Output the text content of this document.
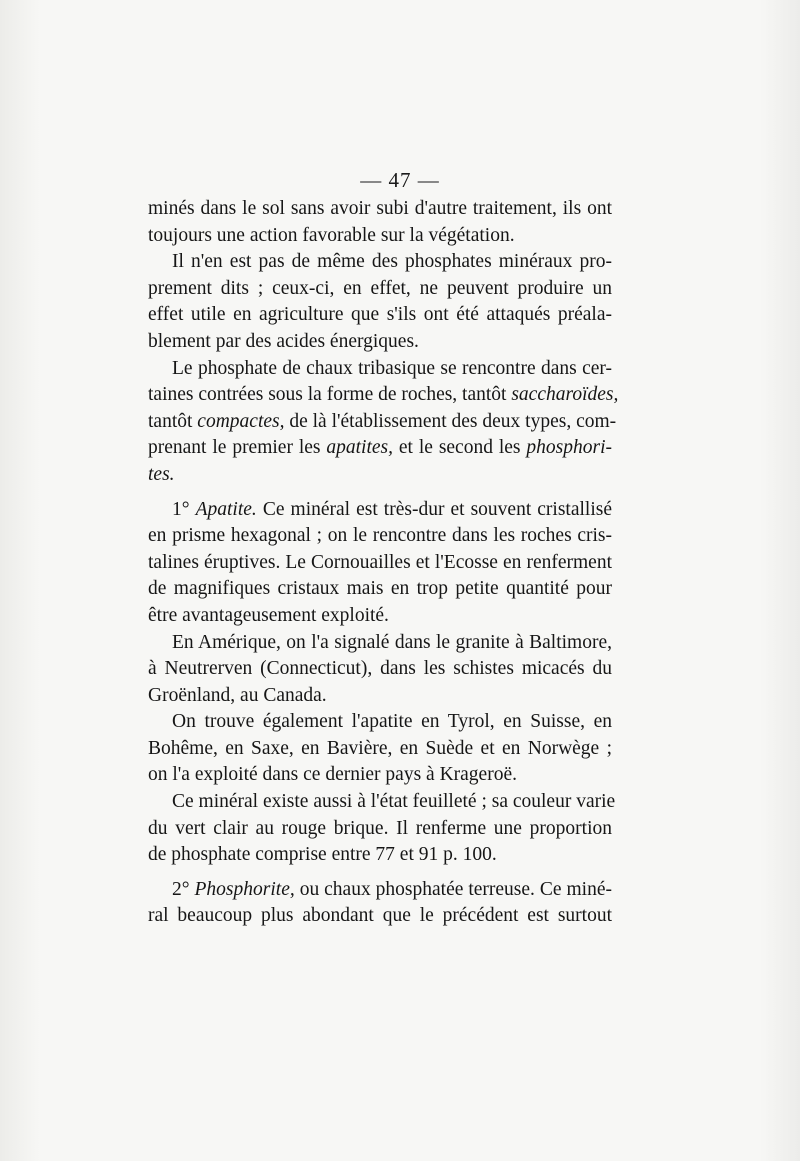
— 47 —
minés dans le sol sans avoir subi d'autre traitement, ils ont
toujours une action favorable sur la végétation.
Il n'en est pas de même des phosphates minéraux pro-
prement dits ; ceux-ci, en effet, ne peuvent produire un
effet utile en agriculture que s'ils ont été attaqués préala-
blement par des acides énergiques.
Le phosphate de chaux tribasique se rencontre dans cer-
taines contrées sous la forme de roches, tantôt saccharoïdes,
tantôt compactes, de là l'établissement des deux types, com-
prenant le premier les apatites, et le second les phosphori-
tes.
1° Apatite. Ce minéral est très-dur et souvent cristallisé
en prisme hexagonal ; on le rencontre dans les roches cris-
talines éruptives. Le Cornouailles et l'Ecosse en renferment
de magnifiques cristaux mais en trop petite quantité pour
être avantageusement exploité.
En Amérique, on l'a signalé dans le granite à Baltimore,
à Neutrerven (Connecticut), dans les schistes micacés du
Groënland, au Canada.
On trouve également l'apatite en Tyrol, en Suisse, en
Bohême, en Saxe, en Bavière, en Suède et en Norwège ;
on l'a exploité dans ce dernier pays à Krageroë.
Ce minéral existe aussi à l'état feuilleté ; sa couleur varie
du vert clair au rouge brique. Il renferme une proportion
de phosphate comprise entre 77 et 91 p. 100.
2° Phosphorite, ou chaux phosphatée terreuse. Ce miné-
ral beaucoup plus abondant que le précédent est surtout
